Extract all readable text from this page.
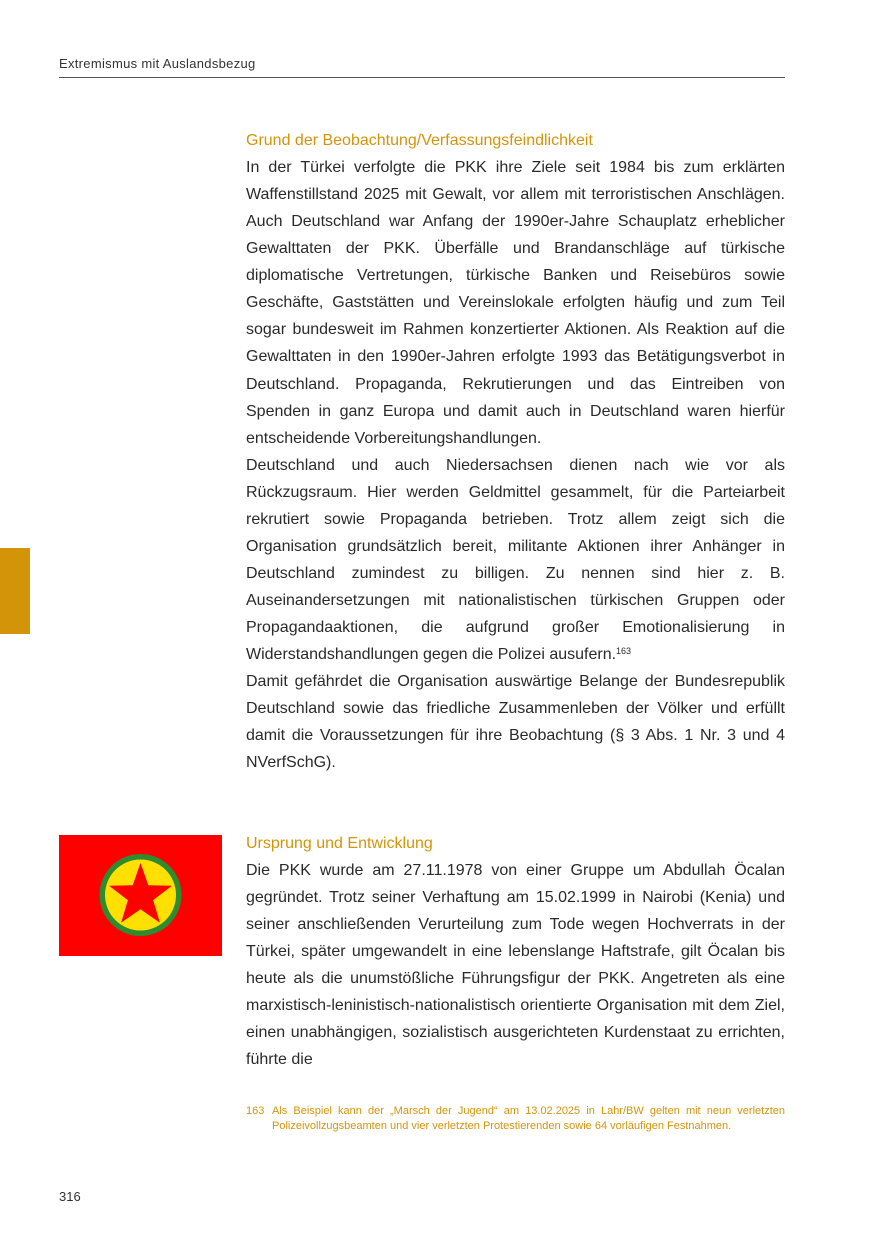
Extremismus mit Auslandsbezug
Grund der Beobachtung/Verfassungsfeindlichkeit

In der Türkei verfolgte die PKK ihre Ziele seit 1984 bis zum erklärten Waffenstillstand 2025 mit Gewalt, vor allem mit terroristischen Anschlägen. Auch Deutschland war Anfang der 1990er-Jahre Schauplatz erheblicher Gewalttaten der PKK. Überfälle und Brandanschläge auf türkische diplomatische Vertretungen, türkische Banken und Reisebüros sowie Geschäfte, Gaststätten und Vereinslokale erfolgten häufig und zum Teil sogar bundesweit im Rahmen konzertierter Aktionen. Als Reaktion auf die Gewalttaten in den 1990er-Jahren erfolgte 1993 das Betätigungsverbot in Deutschland. Propaganda, Rekrutierungen und das Eintreiben von Spenden in ganz Europa und damit auch in Deutschland waren hierfür entscheidende Vorbereitungshandlungen.

Deutschland und auch Niedersachsen dienen nach wie vor als Rückzugsraum. Hier werden Geldmittel gesammelt, für die Parteiarbeit rekrutiert sowie Propaganda betrieben. Trotz allem zeigt sich die Organisation grundsätzlich bereit, militante Aktionen ihrer Anhänger in Deutschland zumindest zu billigen. Zu nennen sind hier z. B. Auseinandersetzungen mit nationalistischen türkischen Gruppen oder Propagandaaktionen, die aufgrund großer Emotionalisierung in Widerstandshandlungen gegen die Polizei ausufern.$^{163}$

Damit gefährdet die Organisation auswärtige Belange der Bundesrepublik Deutschland sowie das friedliche Zusammenleben der Völker und erfüllt damit die Voraussetzungen für ihre Beobachtung (§ 3 Abs. 1 Nr. 3 und 4 NVerfSchG).

Ursprung und Entwicklung

Die PKK wurde am 27.11.1978 von einer Gruppe um Abdullah Öcalan gegründet. Trotz seiner Verhaftung am 15.02.1999 in Nairobi (Kenia) und seiner anschließenden Verurteilung zum Tode wegen Hochverrats in der Türkei, später umgewandelt in eine lebenslange Haftstrafe, gilt Öcalan bis heute als die unumstößliche Führungsfigur der PKK. Angetreten als eine marxistisch-leninistisch-nationalistisch orientierte Organisation mit dem Ziel, einen unabhängigen, sozialistisch ausgerichteten Kurdenstaat zu errichten, führte die

163 Als Beispiel kann der „Marsch der Jugend“ am 13.02.2025 in Lahr/BW gelten mit neun verletzten Polizeivollzugsbeamten und vier verletzten Protestierenden sowie 64 vorläufigen Festnahmen.
316
